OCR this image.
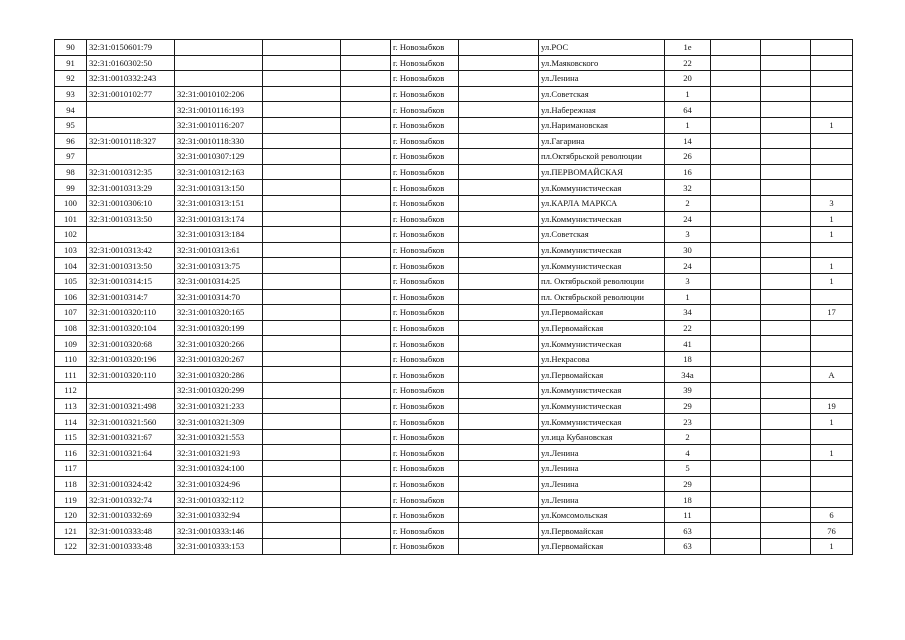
90	32:31:0150601:79				г. Новозыбков		ул.РОС	1е			
91	32:31:0160302:50				г. Новозыбков		ул.Маяковского	22			
92	32:31:0010332:243				г. Новозыбков		ул.Ленина	20			
93	32:31:0010102:77	32:31:0010102:206			г. Новозыбков		ул.Советская	1			
94		32:31:0010116:193			г. Новозыбков		ул.Набережная	64			
95		32:31:0010116:207			г. Новозыбков		ул.Наримановская	1			1
96	32:31:0010118:327	32:31:0010118:330			г. Новозыбков		ул.Гагарина	14			
97		32:31:0010307:129			г. Новозыбков		пл.Октябрьской революции	26			
98	32:31:0010312:35	32:31:0010312:163			г. Новозыбков		ул.ПЕРВОМАЙСКАЯ	16			
99	32:31:0010313:29	32:31:0010313:150			г. Новозыбков		ул.Коммунистическая	32			
100	32:31:0010306:10	32:31:0010313:151			г. Новозыбков		ул.КАРЛА МАРКСА	2			3
101	32:31:0010313:50	32:31:0010313:174			г. Новозыбков		ул.Коммунистическая	24			1
102		32:31:0010313:184			г. Новозыбков		ул.Советская	3			1
103	32:31:0010313:42	32:31:0010313:61			г. Новозыбков		ул.Коммунистическая	30			
104	32:31:0010313:50	32:31:0010313:75			г. Новозыбков		ул.Коммунистическая	24			1
105	32:31:0010314:15	32:31:0010314:25			г. Новозыбков		пл. Октябрьской революции	3			1
106	32:31:0010314:7	32:31:0010314:70			г. Новозыбков		пл. Октябрьской революции	1			
107	32:31:0010320:110	32:31:0010320:165			г. Новозыбков		ул.Первомайская	34			17
108	32:31:0010320:104	32:31:0010320:199			г. Новозыбков		ул.Первомайская	22			
109	32:31:0010320:68	32:31:0010320:266			г. Новозыбков		ул.Коммунистическая	41			
110	32:31:0010320:196	32:31:0010320:267			г. Новозыбков		ул.Некрасова	18			
111	32:31:0010320:110	32:31:0010320:286			г. Новозыбков		ул.Первомайская	34а			А
112		32:31:0010320:299			г. Новозыбков		ул.Коммунистическая	39			
113	32:31:0010321:498	32:31:0010321:233			г. Новозыбков		ул.Коммунистическая	29			19
114	32:31:0010321:560	32:31:0010321:309			г. Новозыбков		ул.Коммунистическая	23			1
115	32:31:0010321:67	32:31:0010321:553			г. Новозыбков		ул.ица Кубановская	2			
116	32:31:0010321:64	32:31:0010321:93			г. Новозыбков		ул.Ленина	4			1
117		32:31:0010324:100			г. Новозыбков		ул.Ленина	5			
118	32:31:0010324:42	32:31:0010324:96			г. Новозыбков		ул.Ленина	29			
119	32:31:0010332:74	32:31:0010332:112			г. Новозыбков		ул.Ленина	18			
120	32:31:0010332:69	32:31:0010332:94			г. Новозыбков		ул.Комсомольская	11			6
121	32:31:0010333:48	32:31:0010333:146			г. Новозыбков		ул.Первомайская	63			76
122	32:31:0010333:48	32:31:0010333:153			г. Новозыбков		ул.Первомайская	63			1
